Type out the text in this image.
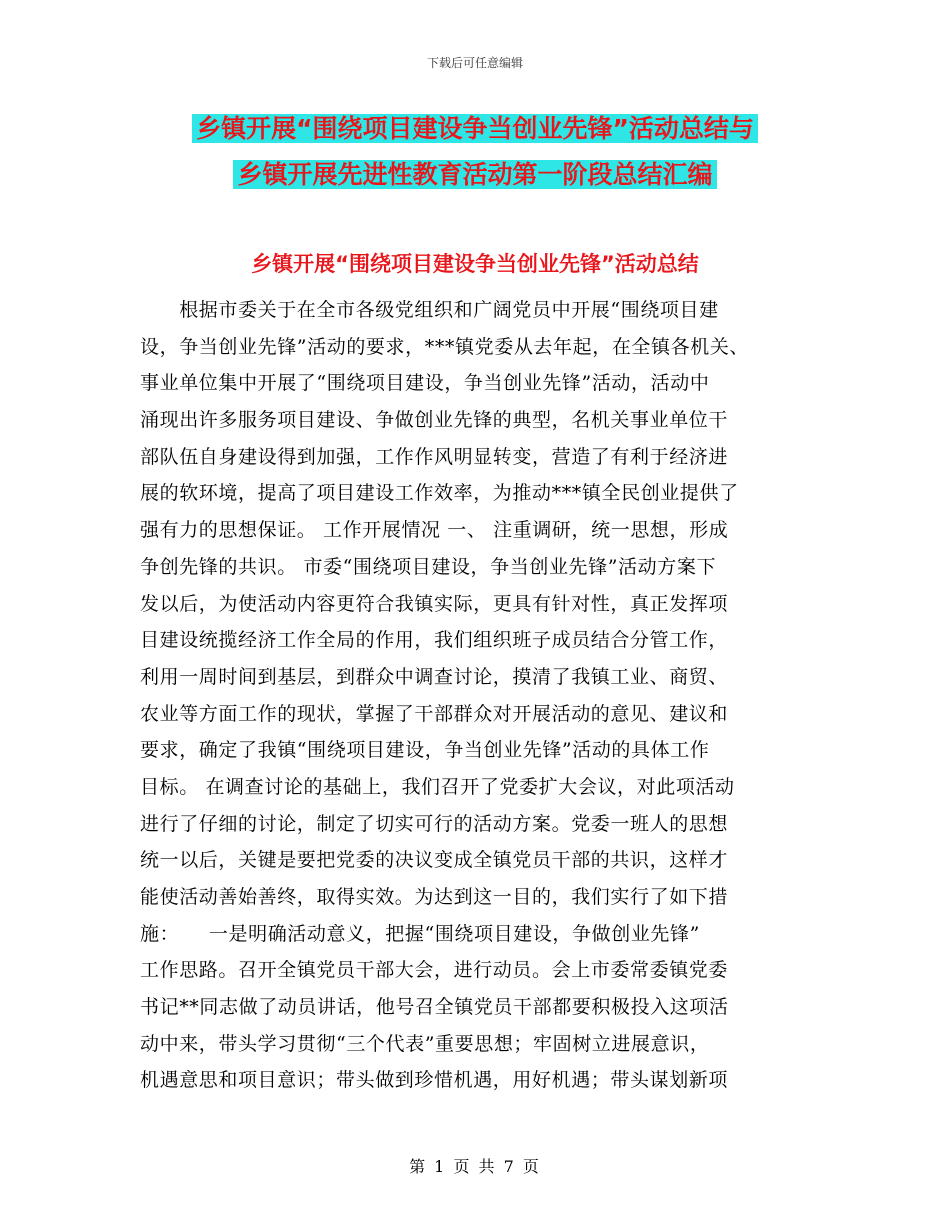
下载后可任意编辑
乡镇开展“围绕项目建设争当创业先锋”活动总结与
乡镇开展先进性教育活动第一阶段总结汇编
乡镇开展“围绕项目建设争当创业先锋”活动总结
　　根据市委关于在全市各级党组织和广阔党员中开展“围绕项目建
设，争当创业先锋”活动的要求，***镇党委从去年起，在全镇各机关、
事业单位集中开展了“围绕项目建设，争当创业先锋”活动，活动中
涌现出许多服务项目建设、争做创业先锋的典型，名机关事业单位干
部队伍自身建设得到加强，工作作风明显转变，营造了有利于经济进
展的软环境，提高了项目建设工作效率，为推动***镇全民创业提供了
强有力的思想保证。 工作开展情况 一、 注重调研，统一思想，形成
争创先锋的共识。 市委“围绕项目建设，争当创业先锋”活动方案下
发以后，为使活动内容更符合我镇实际，更具有针对性，真正发挥项
目建设统揽经济工作全局的作用，我们组织班子成员结合分管工作，
利用一周时间到基层，到群众中调查讨论，摸清了我镇工业、商贸、
农业等方面工作的现状，掌握了干部群众对开展活动的意见、建议和
要求，确定了我镇“围绕项目建设，争当创业先锋”活动的具体工作
目标。 在调查讨论的基础上，我们召开了党委扩大会议，对此项活动
进行了仔细的讨论，制定了切实可行的活动方案。党委一班人的思想
统一以后，关键是要把党委的决议变成全镇党员干部的共识，这样才
能使活动善始善终，取得实效。为达到这一目的，我们实行了如下措
施：　　一是明确活动意义，把握“围绕项目建设，争做创业先锋”
工作思路。召开全镇党员干部大会，进行动员。会上市委常委镇党委
书记**同志做了动员讲话，他号召全镇党员干部都要积极投入这项活
动中来，带头学习贯彻“三个代表”重要思想；牢固树立进展意识，
机遇意思和项目意识；带头做到珍惜机遇，用好机遇；带头谋划新项
第 1 页 共 7 页
